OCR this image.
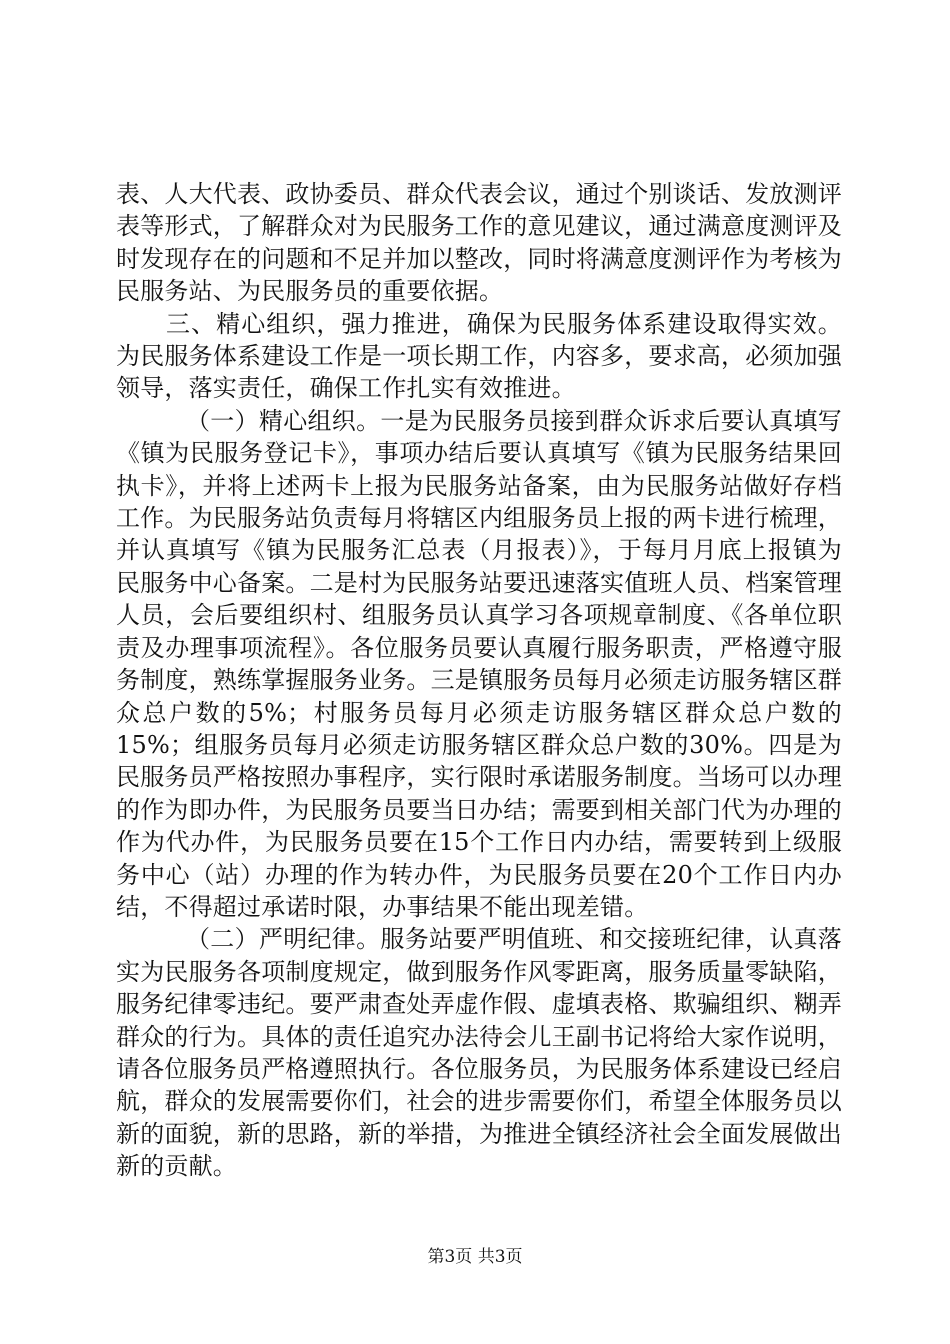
表、人大代表、政协委员、群众代表会议，通过个别谈话、发放测评表等形式，了解群众对为民服务工作的意见建议，通过满意度测评及时发现存在的问题和不足并加以整改，同时将满意度测评作为考核为民服务站、为民服务员的重要依据。

三、精心组织，强力推进，确保为民服务体系建设取得实效。为民服务体系建设工作是一项长期工作，内容多，要求高，必须加强领导，落实责任，确保工作扎实有效推进。

（一）精心组织。一是为民服务员接到群众诉求后要认真填写《镇为民服务登记卡》，事项办结后要认真填写《镇为民服务结果回执卡》，并将上述两卡上报为民服务站备案，由为民服务站做好存档工作。为民服务站负责每月将辖区内组服务员上报的两卡进行梳理，并认真填写《镇为民服务汇总表（月报表）》，于每月月底上报镇为民服务中心备案。二是村为民服务站要迅速落实值班人员、档案管理人员，会后要组织村、组服务员认真学习各项规章制度、《各单位职责及办理事项流程》。各位服务员要认真履行服务职责，严格遵守服务制度，熟练掌握服务业务。三是镇服务员每月必须走访服务辖区群众总户数的5%；村服务员每月必须走访服务辖区群众总户数的15%；组服务员每月必须走访服务辖区群众总户数的30%。四是为民服务员严格按照办事程序，实行限时承诺服务制度。当场可以办理的作为即办件，为民服务员要当日办结；需要到相关部门代为办理的作为代办件，为民服务员要在15个工作日内办结，需要转到上级服务中心（站）办理的作为转办件，为民服务员要在20个工作日内办结，不得超过承诺时限，办事结果不能出现差错。

（二）严明纪律。服务站要严明值班、和交接班纪律，认真落实为民服务各项制度规定，做到服务作风零距离，服务质量零缺陷，服务纪律零违纪。要严肃查处弄虚作假、虚填表格、欺骗组织、糊弄群众的行为。具体的责任追究办法待会儿王副书记将给大家作说明，请各位服务员严格遵照执行。各位服务员，为民服务体系建设已经启航，群众的发展需要你们，社会的进步需要你们，希望全体服务员以新的面貌，新的思路，新的举措，为推进全镇经济社会全面发展做出新的贡献。

第3页 共3页
